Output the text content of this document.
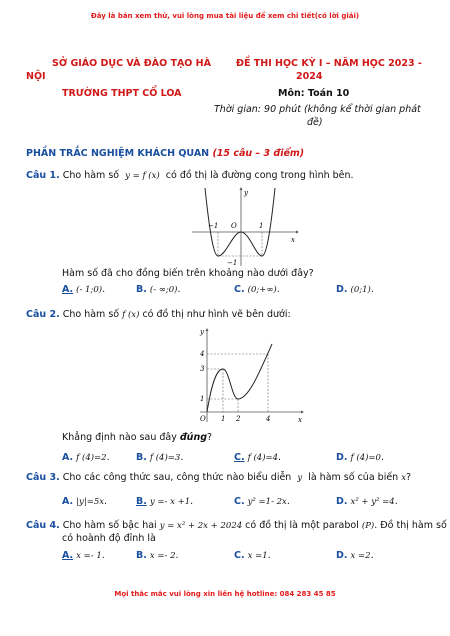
Đây là bản xem thử, vui lòng mua tài liệu để xem chi tiết(có lời giải)
SỞ GIÁO DỤC VÀ ĐÀO TẠO HÀ
NỘI
TRƯỜNG THPT CỔ LOA
ĐỀ THI HỌC KỲ I – NĂM HỌC 2023 -
2024
Môn: Toán 10
Thời gian: 90 phút (không kể thời gian phát
đề)
PHẦN TRẮC NGHIỆM KHÁCH QUAN (15 câu – 3 điểm)
Câu 1. Cho hàm số y = f (x) có đồ thị là đường cong trong hình bên.
x
y
O
−1	1
−1
Hàm số đã cho đồng biến trên khoảng nào dưới đây?
A. (- 1;0).	B. (- ∞;0).	C. (0;+∞).	D. (0;1).
Câu 2. Cho hàm số f (x) có đồ thị như hình vẽ bên dưới:
x
y
O 1 2	4
4
3
1
Khẳng định nào sau đây đúng?
A. f (4)=2.	B. f (4)=3.	C. f (4)=4.	D. f (4)=0.
Câu 3. Cho các công thức sau, công thức nào biểu diễn y là hàm số của biến x?
A. |y|=5x.	B. y =- x +1.	C. y² =1- 2x.	D. x² + y² =4.
Câu 4. Cho hàm số bậc hai y = x² + 2x + 2024 có đồ thị là một parabol (P). Đồ thị hàm số
có hoành độ đỉnh là
A. x =- 1.	B. x =- 2.	C. x =1.	D. x =2.
Mọi thắc mắc vui lòng xin liên hệ hotline: 084 283 45 85
